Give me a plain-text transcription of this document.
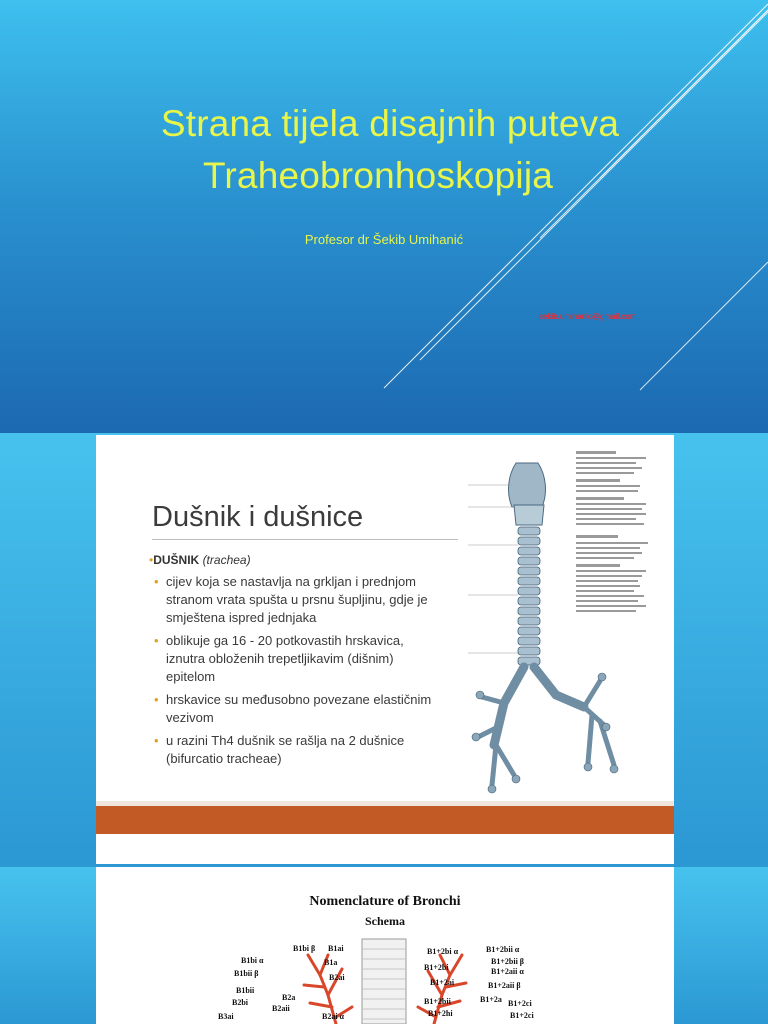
Strana tijela disajnih puteva
Traheobronhoskopija
Profesor dr Šekib Umihanić
sekib.umihanic@gmail.com
Dušnik i dušnice
•DUŠNIK (trachea)
• cijev koja se nastavlja na grkljan i prednjom stranom vrata spušta u prsnu šupljinu, gdje je smještena ispred jednjaka
• oblikuje ga 16 - 20 potkovastih hrskavica, iznutra obloženih trepetljikavim (dišnim) epitelom
• hrskavice su međusobno povezane elastičnim vezivom
• u razini Th4 dušnik se rašlja na 2 dušnice (bifurcatio tracheae)
Nomenclature of Bronchi
Schema
B1bi β
B1bi α
B1ai
B1bii β
B1a
B1bii
B2ai
B2bi
B2a
B2aii
B3ai	B2ai α
B1+2bi α	B1+2bii α
B1+2bii β
B1+2bi	B1+2aii α
B1+2ai	B1+2aii β
B1+2bii	B1+2a B1+2ci
B1+2hi	B1+2ci
